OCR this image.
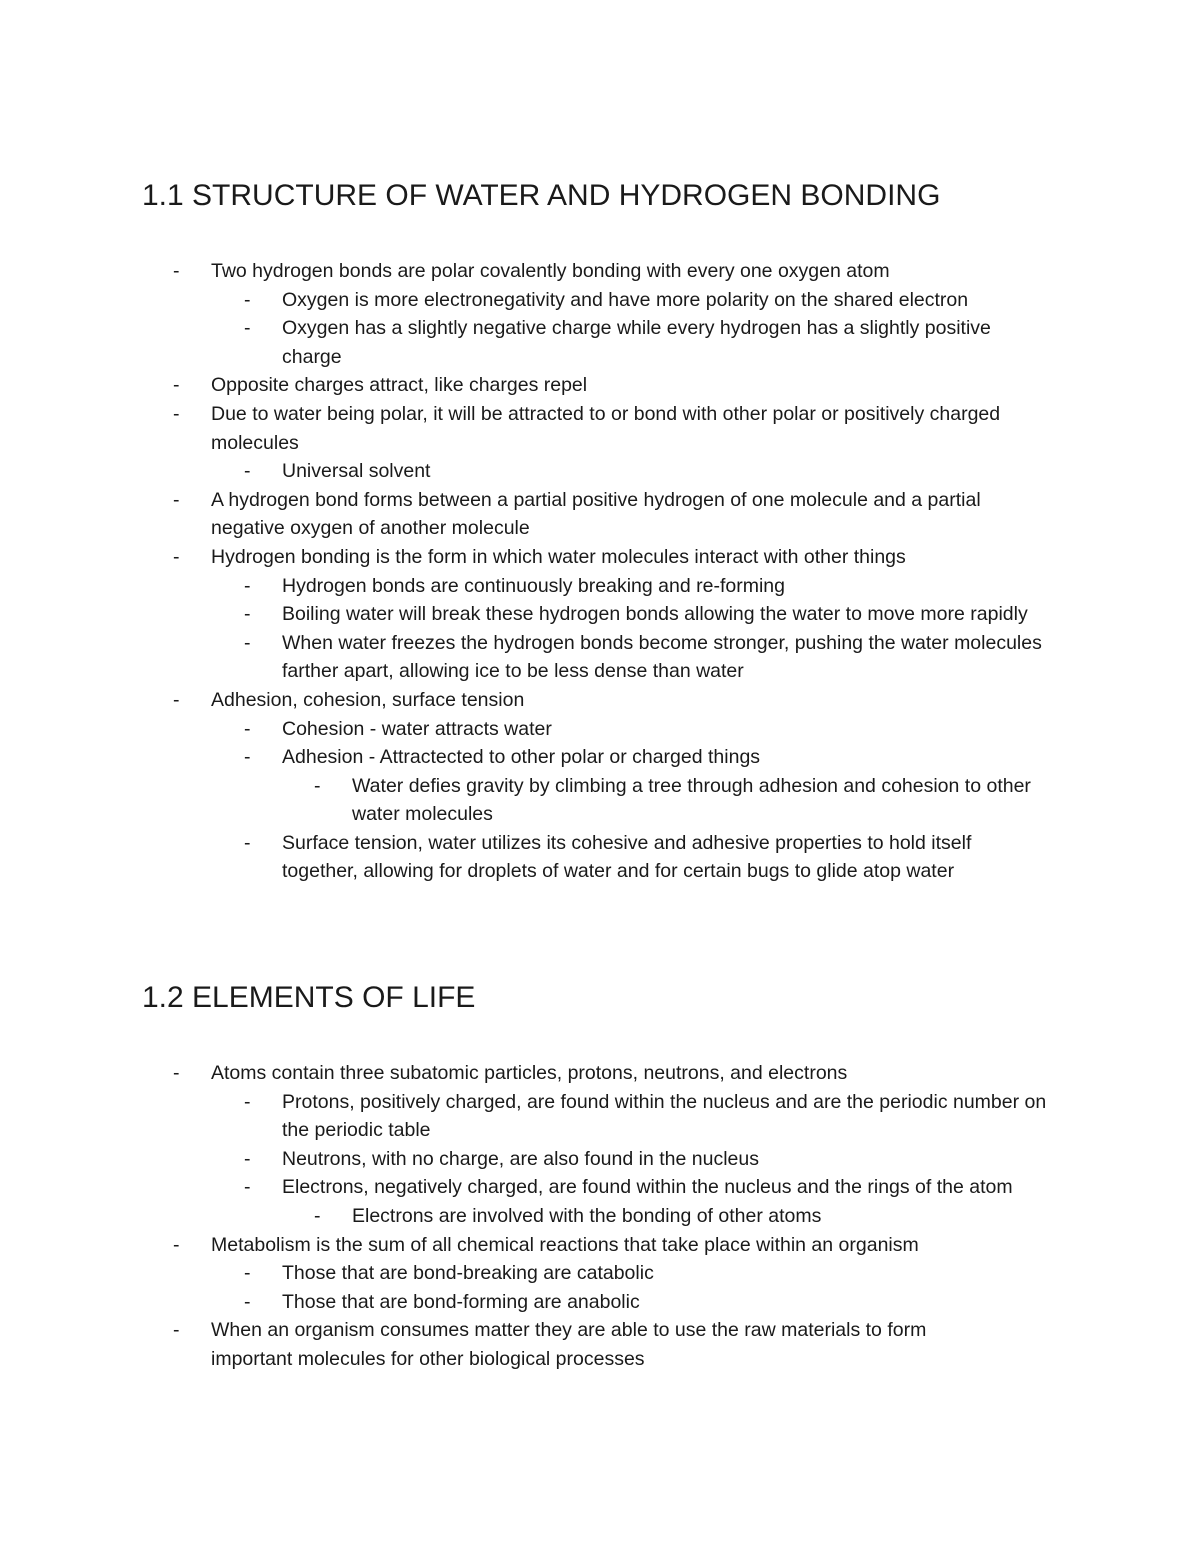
1.1 STRUCTURE OF WATER AND HYDROGEN BONDING
- Two hydrogen bonds are polar covalently bonding with every one oxygen atom
- Oxygen is more electronegativity and have more polarity on the shared electron
- Oxygen has a slightly negative charge while every hydrogen has a slightly positive charge
- Opposite charges attract, like charges repel
- Due to water being polar, it will be attracted to or bond with other polar or positively charged molecules
- Universal solvent
- A hydrogen bond forms between a partial positive hydrogen of one molecule and a partial negative oxygen of another molecule
- Hydrogen bonding is the form in which water molecules interact with other things
- Hydrogen bonds are continuously breaking and re-forming
- Boiling water will break these hydrogen bonds allowing the water to move more rapidly
- When water freezes the hydrogen bonds become stronger, pushing the water molecules farther apart, allowing ice to be less dense than water
- Adhesion, cohesion, surface tension
- Cohesion - water attracts water
- Adhesion - Attractected to other polar or charged things
- Water defies gravity by climbing a tree through adhesion and cohesion to other water molecules
- Surface tension, water utilizes its cohesive and adhesive properties to hold itself together, allowing for droplets of water and for certain bugs to glide atop water
1.2 ELEMENTS OF LIFE
- Atoms contain three subatomic particles, protons, neutrons, and electrons
- Protons, positively charged, are found within the nucleus and are the periodic number on the periodic table
- Neutrons, with no charge, are also found in the nucleus
- Electrons, negatively charged, are found within the nucleus and the rings of the atom
- Electrons are involved with the bonding of other atoms
- Metabolism is the sum of all chemical reactions that take place within an organism
- Those that are bond-breaking are catabolic
- Those that are bond-forming are anabolic
- When an organism consumes matter they are able to use the raw materials to form important molecules for other biological processes
